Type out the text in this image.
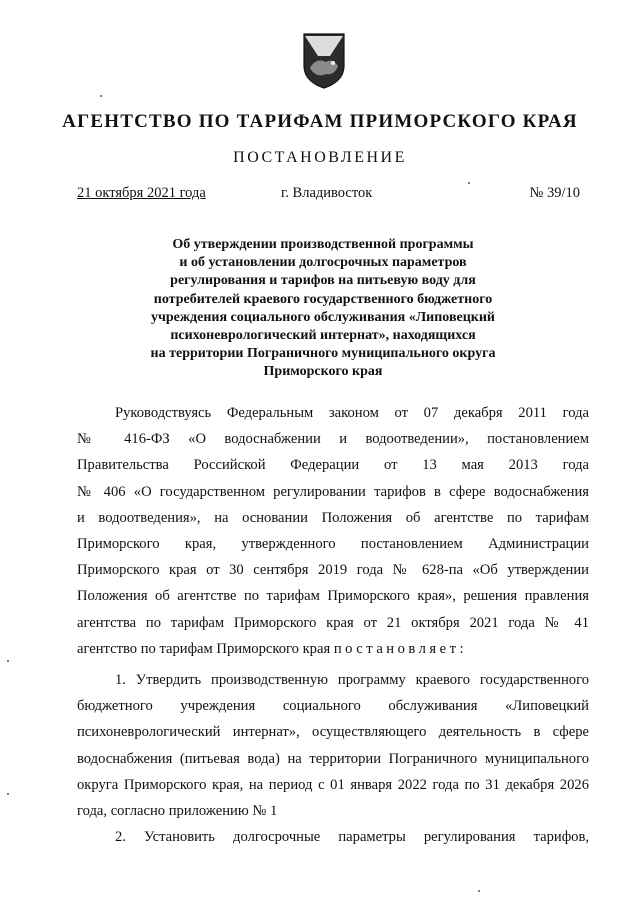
АГЕНТСТВО ПО ТАРИФАМ ПРИМОРСКОГО КРАЯ
ПОСТАНОВЛЕНИЕ
21 октября 2021 года	г. Владивосток	№ 39/10
Об утверждении производственной программы
и об установлении долгосрочных параметров
регулирования и тарифов на питьевую воду для
потребителей краевого государственного бюджетного
учреждения социального обслуживания «Липовецкий
психоневрологический интернат», находящихся
на территории Пограничного муниципального округа
Приморского края
Руководствуясь Федеральным законом от 07 декабря 2011 года
№ 416-ФЗ «О водоснабжении и водоотведении», постановлением
Правительства Российской Федерации от 13 мая 2013 года
№ 406 «О государственном регулировании тарифов в сфере водоснабжения
и водоотведения», на основании Положения об агентстве по тарифам
Приморского края, утвержденного постановлением Администрации
Приморского края от 30 сентября 2019 года № 628-па «Об утверждении
Положения об агентстве по тарифам Приморского края», решения правления
агентства по тарифам Приморского края от 21 октября 2021 года № 41
агентство по тарифам Приморского края постановляет:
1. Утвердить производственную программу краевого государственного
бюджетного учреждения социального обслуживания «Липовецкий
психоневрологический интернат», осуществляющего деятельность в сфере
водоснабжения (питьевая вода) на территории Пограничного муниципального
округа Приморского края, на период с 01 января 2022 года по 31 декабря 2026
года, согласно приложению № 1
2. Установить долгосрочные параметры регулирования тарифов,
